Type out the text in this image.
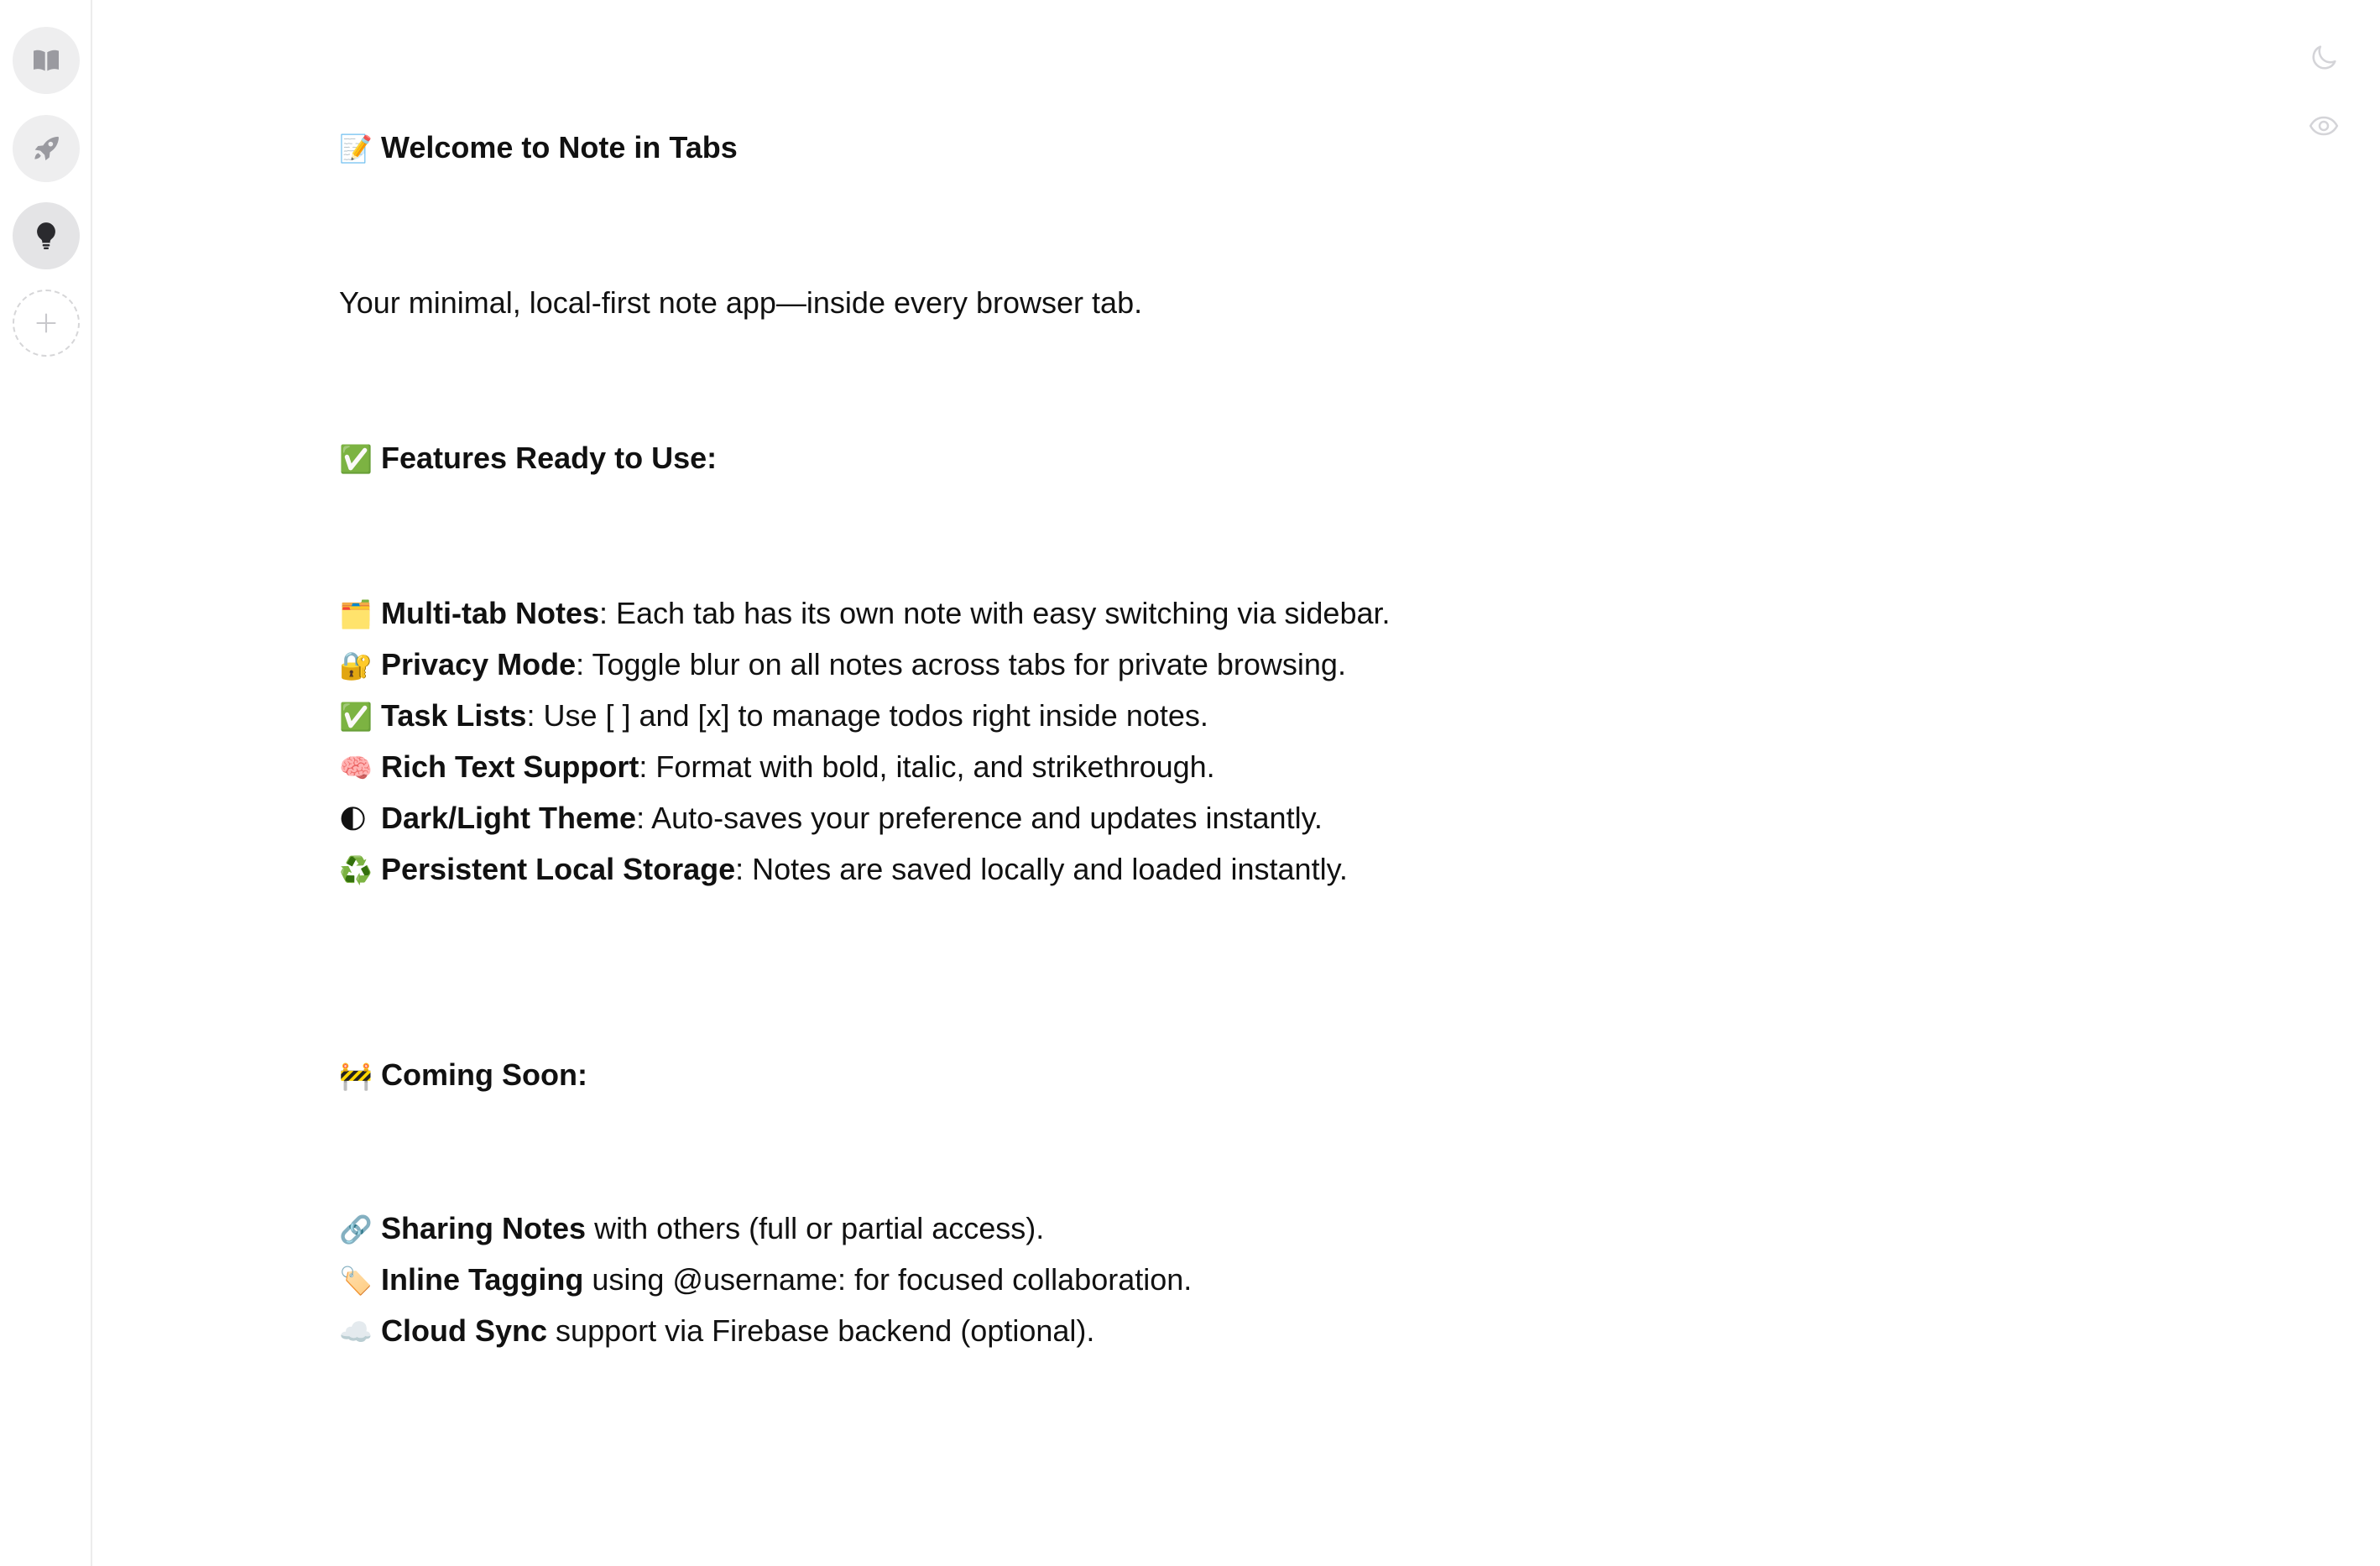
📝 Welcome to Note in Tabs
Your minimal, local-first note app—inside every browser tab.
✅ Features Ready to Use:
🗂️ Multi-tab Notes: Each tab has its own note with easy switching via sidebar.
🔐 Privacy Mode: Toggle blur on all notes across tabs for private browsing.
✅ Task Lists: Use [ ] and [x] to manage todos right inside notes.
🧠 Rich Text Support: Format with bold, italic, and strikethrough.
🌓 Dark/Light Theme: Auto-saves your preference and updates instantly.
♻️ Persistent Local Storage: Notes are saved locally and loaded instantly.
🚧 Coming Soon:
🔗 Sharing Notes with others (full or partial access).
🏷️ Inline Tagging using @username: for focused collaboration.
☁️ Cloud Sync support via Firebase backend (optional).
